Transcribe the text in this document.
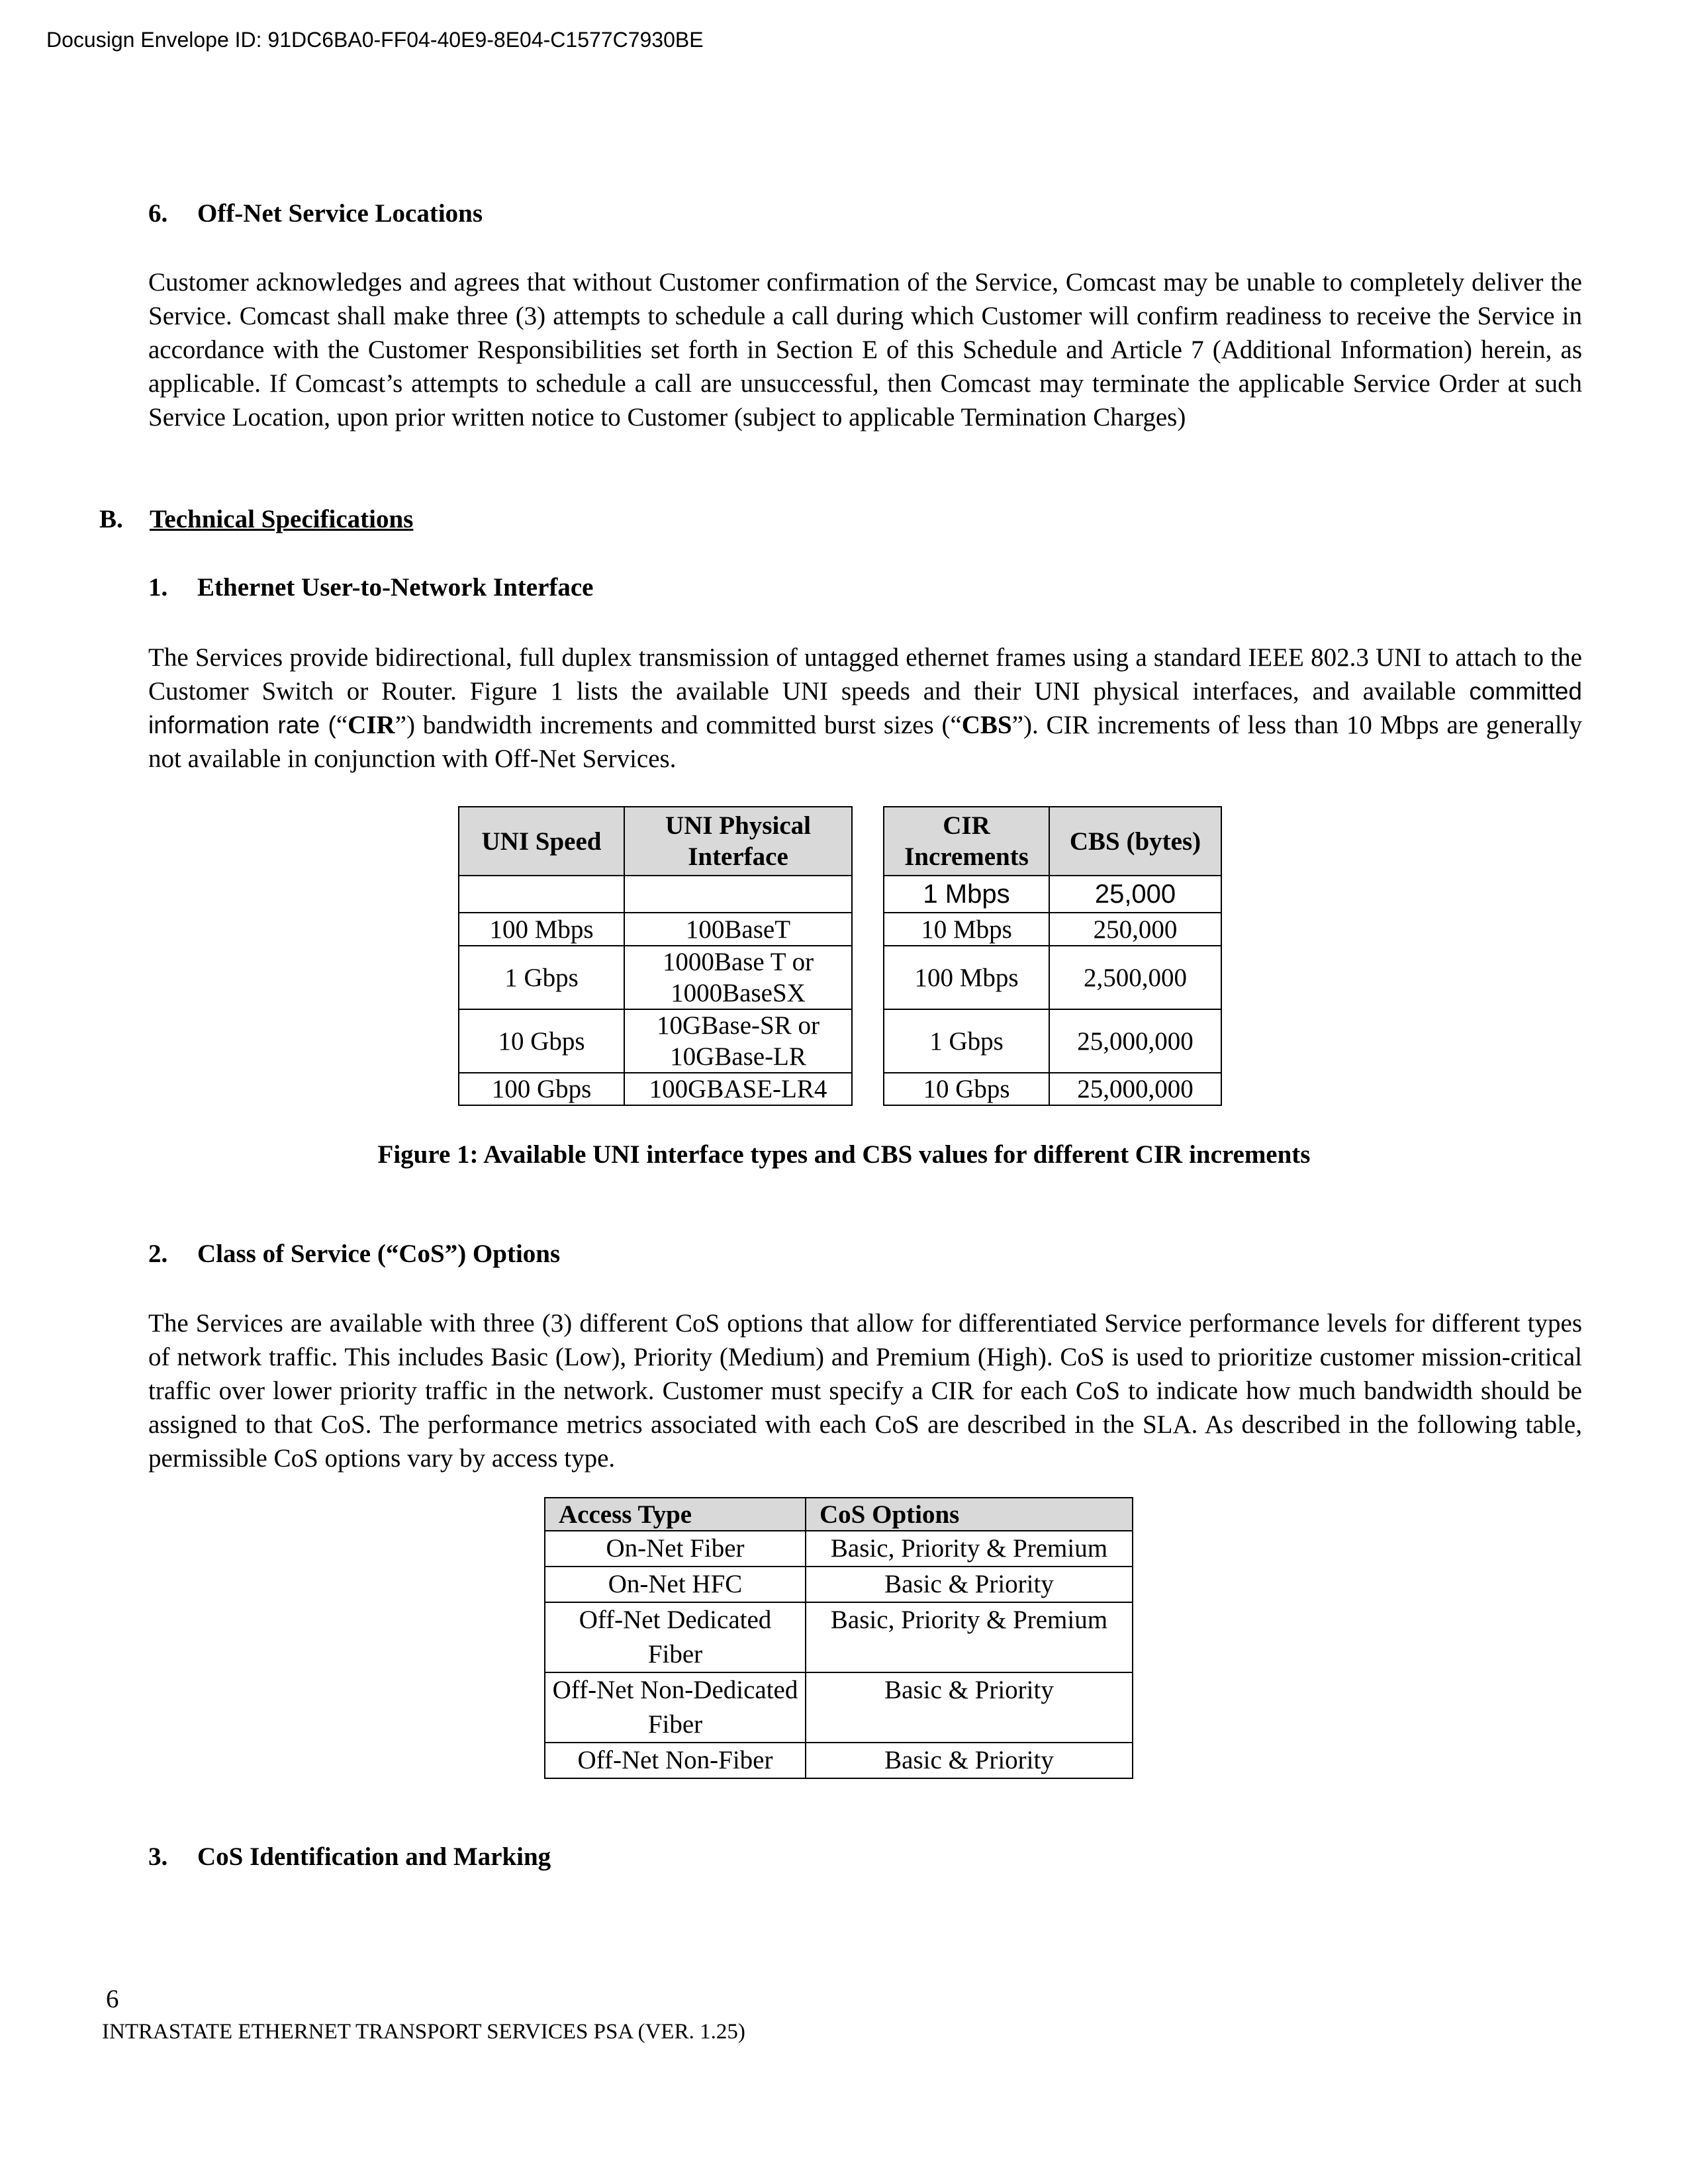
Docusign Envelope ID: 91DC6BA0-FF04-40E9-8E04-C1577C7930BE
6. Off-Net Service Locations
Customer acknowledges and agrees that without Customer confirmation of the Service, Comcast may be unable to completely deliver the Service. Comcast shall make three (3) attempts to schedule a call during which Customer will confirm readiness to receive the Service in accordance with the Customer Responsibilities set forth in Section E of this Schedule and Article 7 (Additional Information) herein, as applicable. If Comcast’s attempts to schedule a call are unsuccessful, then Comcast may terminate the applicable Service Order at such Service Location, upon prior written notice to Customer (subject to applicable Termination Charges)
B. Technical Specifications
1. Ethernet User-to-Network Interface
The Services provide bidirectional, full duplex transmission of untagged ethernet frames using a standard IEEE 802.3 UNI to attach to the Customer Switch or Router. Figure 1 lists the available UNI speeds and their UNI physical interfaces, and available committed information rate (“CIR”) bandwidth increments and committed burst sizes (“CBS”). CIR increments of less than 10 Mbps are generally not available in conjunction with Off-Net Services.
UNI Speed	UNI Physical Interface

100 Mbps	100BaseT
1 Gbps	1000Base T or 1000BaseSX
10 Gbps	10GBase-SR or 10GBase-LR
100 Gbps	100GBASE-LR4
CIR Increments	CBS (bytes)
1 Mbps	25,000
10 Mbps	250,000
100 Mbps	2,500,000
1 Gbps	25,000,000
10 Gbps	25,000,000
Figure 1: Available UNI interface types and CBS values for different CIR increments
2. Class of Service (“CoS”) Options
The Services are available with three (3) different CoS options that allow for differentiated Service performance levels for different types of network traffic. This includes Basic (Low), Priority (Medium) and Premium (High). CoS is used to prioritize customer mission-critical traffic over lower priority traffic in the network. Customer must specify a CIR for each CoS to indicate how much bandwidth should be assigned to that CoS. The performance metrics associated with each CoS are described in the SLA. As described in the following table, permissible CoS options vary by access type.
Access Type	CoS Options
On-Net Fiber	Basic, Priority & Premium
On-Net HFC	Basic & Priority
Off-Net Dedicated Fiber	Basic, Priority & Premium
Off-Net Non-Dedicated Fiber	Basic & Priority
Off-Net Non-Fiber	Basic & Priority
3. CoS Identification and Marking
6
INTRASTATE ETHERNET TRANSPORT SERVICES PSA (VER. 1.25)
